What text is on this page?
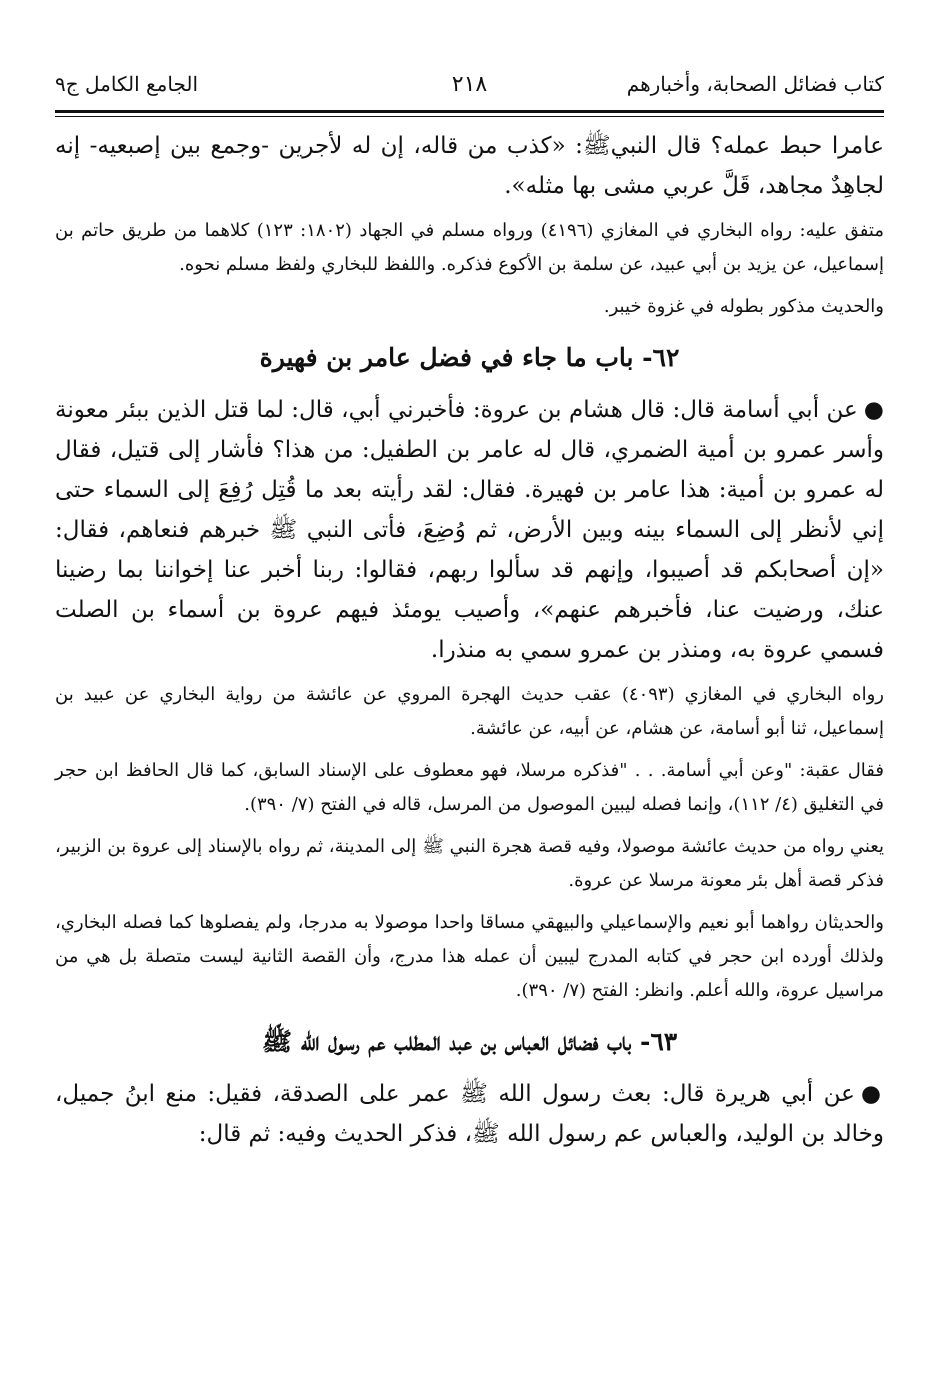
كتاب فضائل الصحابة، وأخبارهم
٢١٨
الجامع الكامل ج٩

عامرا حبط عمله؟ قال النبيﷺ: «كذب من قاله، إن له لأجرين -وجمع بين إصبعيه- إنه لجاهِدٌ مجاهد، قَلَّ عربي مشى بها مثله».

متفق عليه: رواه البخاري في المغازي (٤١٩٦) ورواه مسلم في الجهاد (١٨٠٢: ١٢٣) كلاهما من طريق حاتم بن إسماعيل، عن يزيد بن أبي عبيد، عن سلمة بن الأكوع فذكره. واللفظ للبخاري ولفظ مسلم نحوه.

والحديث مذكور بطوله في غزوة خيبر.

٦٢- باب ما جاء في فضل عامر بن فهيرة

●عن أبي أسامة قال: قال هشام بن عروة: فأخبرني أبي، قال: لما قتل الذين ببئر معونة وأسر عمرو بن أمية الضمري، قال له عامر بن الطفيل: من هذا؟ فأشار إلى قتيل، فقال له عمرو بن أمية: هذا عامر بن فهيرة. فقال: لقد رأيته بعد ما قُتِل رُفِعَ إلى السماء حتى إني لأنظر إلى السماء بينه وبين الأرض، ثم وُضِعَ، فأتى النبي ﷺ خبرهم فنعاهم، فقال: «إن أصحابكم قد أصيبوا، وإنهم قد سألوا ربهم، فقالوا: ربنا أخبر عنا إخواننا بما رضينا عنك، ورضيت عنا، فأخبرهم عنهم»، وأصيب يومئذ فيهم عروة بن أسماء بن الصلت فسمي عروة به، ومنذر بن عمرو سمي به منذرا.

رواه البخاري في المغازي (٤٠٩٣) عقب حديث الهجرة المروي عن عائشة من رواية البخاري عن عبيد بن إسماعيل، ثنا أبو أسامة، عن هشام، عن أبيه، عن عائشة.

فقال عقبة: "وعن أبي أسامة. . . "فذكره مرسلا، فهو معطوف على الإسناد السابق، كما قال الحافظ ابن حجر في التغليق (٤/ ١١٢)، وإنما فصله ليبين الموصول من المرسل، قاله في الفتح (٧/ ٣٩٠).

يعني رواه من حديث عائشة موصولا، وفيه قصة هجرة النبي ﷺ إلى المدينة، ثم رواه بالإسناد إلى عروة بن الزبير، فذكر قصة أهل بئر معونة مرسلا عن عروة.

والحديثان رواهما أبو نعيم والإسماعيلي والبيهقي مساقا واحدا موصولا به مدرجا، ولم يفصلوها كما فصله البخاري، ولذلك أورده ابن حجر في كتابه المدرج ليبين أن عمله هذا مدرج، وأن القصة الثانية ليست متصلة بل هي من مراسيل عروة، والله أعلم. وانظر: الفتح (٧/ ٣٩٠).

٦٣- باب فضائل العباس بن عبد المطلب عم رسول الله ﷺ

●عن أبي هريرة قال: بعث رسول الله ﷺ عمر على الصدقة، فقيل: منع ابنُ جميل، وخالد بن الوليد، والعباس عم رسول الله ﷺ، فذكر الحديث وفيه: ثم قال:
